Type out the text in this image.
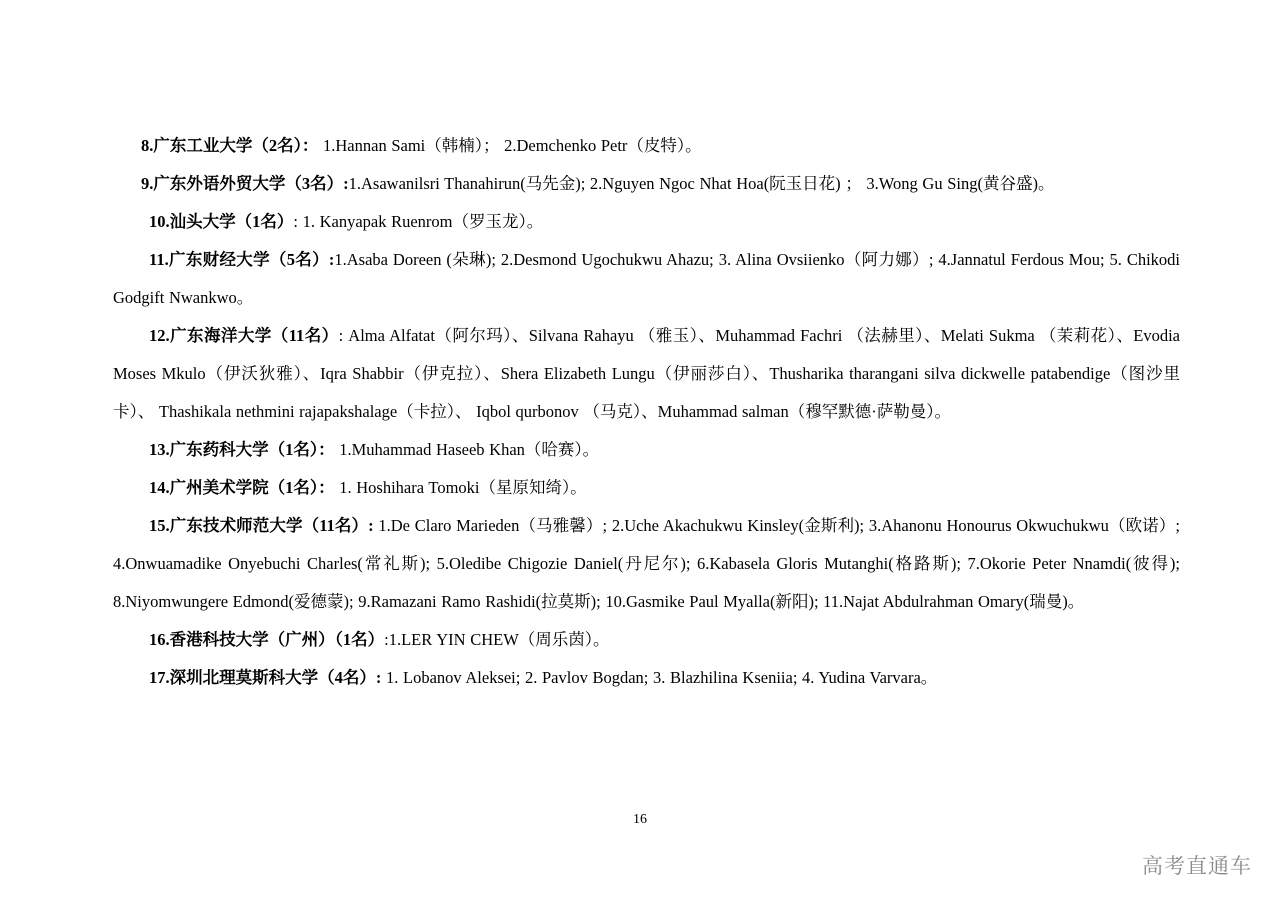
8.广东工业大学（2名）： 1.Hannan Sami（韩楠）； 2.Demchenko Petr（皮特）。

9.广东外语外贸大学（3名）:1.Asawanilsri Thanahirun(马先金); 2.Nguyen Ngoc Nhat Hoa(阮玉日花) ； 3.Wong Gu Sing(黄谷盛)。

10.汕头大学（1名）: 1. Kanyapak Ruenrom（罗玉龙）。

11.广东财经大学（5名）:1.Asaba Doreen (朵琳); 2.Desmond Ugochukwu Ahazu; 3. Alina Ovsiienko（阿力娜）; 4.Jannatul Ferdous Mou; 5. Chikodi Godgift Nwankwo。

12.广东海洋大学（11名）: Alma Alfatat（阿尔玛）、Silvana Rahayu （雅玉）、Muhammad Fachri （法赫里）、Melati Sukma （茉莉花）、Evodia Moses Mkulo（伊沃狄雅）、Iqra Shabbir（伊克拉）、Shera Elizabeth Lungu（伊丽莎白）、Thusharika tharangani silva dickwelle patabendige（图沙里卡）、 Thashikala nethmini rajapakshalage（卡拉）、 Iqbol qurbonov （马克）、Muhammad salman（穆罕默德·萨勒曼）。

13.广东药科大学（1名）： 1.Muhammad Haseeb Khan（哈赛）。

14.广州美术学院（1名）： 1. Hoshihara Tomoki（星原知绮）。

15.广东技术师范大学（11名）: 1.De Claro Marieden（马雅馨）; 2.Uche Akachukwu Kinsley(金斯利); 3.Ahanonu Honourus Okwuchukwu（欧诺）; 4.Onwuamadike Onyebuchi Charles(常礼斯); 5.Oledibe Chigozie Daniel(丹尼尔); 6.Kabasela Gloris Mutanghi(格路斯); 7.Okorie Peter Nnamdi(彼得); 8.Niyomwungere Edmond(爱德蒙); 9.Ramazani Ramo Rashidi(拉莫斯); 10.Gasmike Paul Myalla(新阳); 11.Najat Abdulrahman Omary(瑞曼)。

16.香港科技大学（广州）（1名）:1.LER YIN CHEW（周乐茵）。

17.深圳北理莫斯科大学（4名）: 1. Lobanov Aleksei; 2. Pavlov Bogdan; 3. Blazhilina Kseniia; 4. Yudina Varvara。

16
高考直通车
